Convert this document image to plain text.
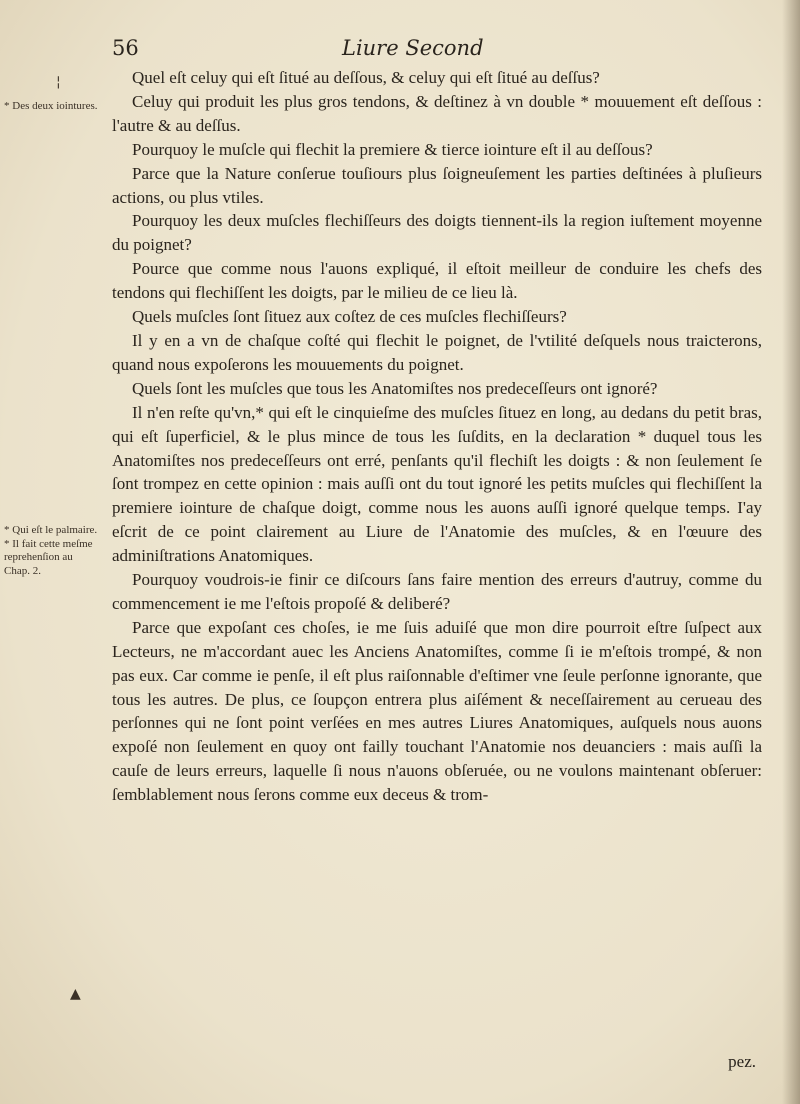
56	Liure Second
¦
* Des deux iointures.
* Qui eſt le palmaire. * Il fait cette meſme reprehenſion au Chap. 2.
▲

Quel eſt celuy qui eſt ſitué au deſſous, & celuy qui eſt ſitué au deſſus?

Celuy qui produit les plus gros tendons, & deſtinez à vn double * mouuement eſt deſſous : l'autre & au deſſus.

Pourquoy le muſcle qui flechit la premiere & tierce iointure eſt il au deſſous?

Parce que la Nature conſerue touſiours plus ſoigneuſement les parties deſtinées à pluſieurs actions, ou plus vtiles.

Pourquoy les deux muſcles flechiſſeurs des doigts tiennent-ils la region iuſtement moyenne du poignet?

Pource que comme nous l'auons expliqué, il eſtoit meilleur de conduire les chefs des tendons qui flechiſſent les doigts, par le milieu de ce lieu là.

Quels muſcles ſont ſituez aux coſtez de ces muſcles flechiſſeurs?

Il y en a vn de chaſque coſté qui flechit le poignet, de l'vtilité deſquels nous traicterons, quand nous expoſerons les mouuements du poignet.

Quels ſont les muſcles que tous les Anatomiſtes nos predeceſſeurs ont ignoré?

Il n'en reſte qu'vn,* qui eſt le cinquieſme des muſcles ſituez en long, au dedans du petit bras, qui eſt ſuperficiel, & le plus mince de tous les ſuſdits, en la declaration * duquel tous les Anatomiſtes nos predeceſſeurs ont erré, penſants qu'il flechiſt les doigts : & non ſeulement ſe ſont trompez en cette opinion : mais auſſi ont du tout ignoré les petits muſcles qui flechiſſent la premiere iointure de chaſque doigt, comme nous les auons auſſi ignoré quelque temps. I'ay eſcrit de ce point clairement au Liure de l'Anatomie des muſcles, & en l'œuure des adminiſtrations Anatomiques.

Pourquoy voudrois-ie finir ce diſcours ſans faire mention des erreurs d'autruy, comme du commencement ie me l'eſtois propoſé & deliberé?

Parce que expoſant ces choſes, ie me ſuis aduiſé que mon dire pourroit eſtre ſuſpect aux Lecteurs, ne m'accordant auec les Anciens Anatomiſtes, comme ſi ie m'eſtois trompé, & non pas eux. Car comme ie penſe, il eſt plus raiſonnable d'eſtimer vne ſeule perſonne ignorante, que tous les autres. De plus, ce ſoupçon entrera plus aiſément & neceſſairement au cerueau des perſonnes qui ne ſont point verſées en mes autres Liures Anatomiques, auſquels nous auons expoſé non ſeulement en quoy ont failly touchant l'Anatomie nos deuanciers : mais auſſi la cauſe de leurs erreurs, laquelle ſi nous n'auons obſeruée, ou ne voulons maintenant obſeruer: ſemblablement nous ſerons comme eux deceus & trom-

pez.
